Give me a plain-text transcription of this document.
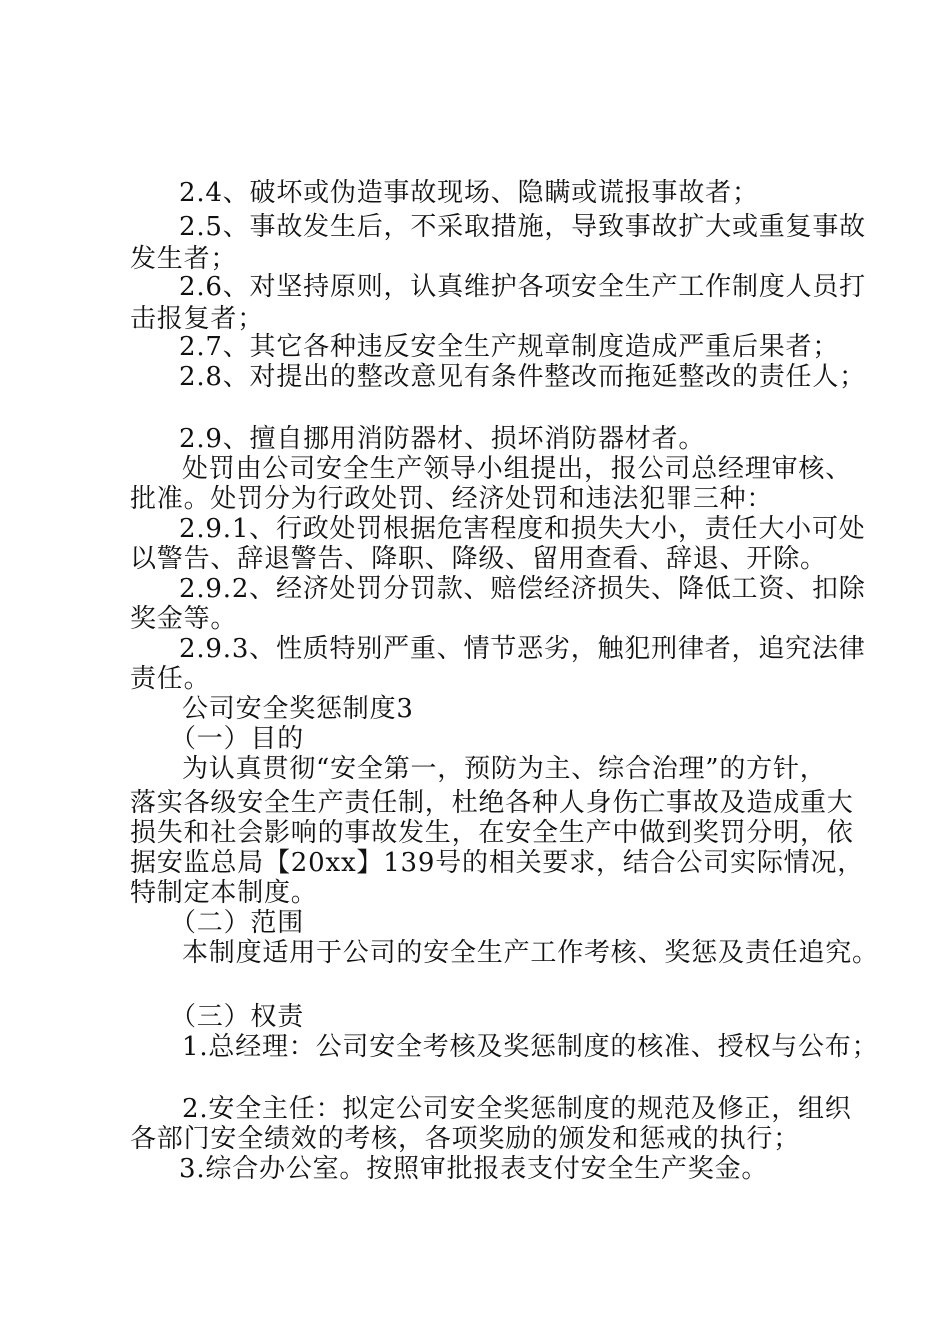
2.4、破坏或伪造事故现场、隐瞒或谎报事故者；
2.5、事故发生后，不采取措施，导致事故扩大或重复事故
发生者；
2.6、对坚持原则，认真维护各项安全生产工作制度人员打
击报复者；
2.7、其它各种违反安全生产规章制度造成严重后果者；
2.8、对提出的整改意见有条件整改而拖延整改的责任人；
2.9、擅自挪用消防器材、损坏消防器材者。
处罚由公司安全生产领导小组提出，报公司总经理审核、
批准。处罚分为行政处罚、经济处罚和违法犯罪三种：
2.9.1、行政处罚根据危害程度和损失大小，责任大小可处
以警告、辞退警告、降职、降级、留用查看、辞退、开除。
2.9.2、经济处罚分罚款、赔偿经济损失、降低工资、扣除
奖金等。
2.9.3、性质特别严重、情节恶劣，触犯刑律者，追究法律
责任。
公司安全奖惩制度3
（一）目的
为认真贯彻“安全第一，预防为主、综合治理”的方针，
落实各级安全生产责任制，杜绝各种人身伤亡事故及造成重大
损失和社会影响的事故发生，在安全生产中做到奖罚分明，依
据安监总局【20xx】139号的相关要求，结合公司实际情况，
特制定本制度。
（二）范围
本制度适用于公司的安全生产工作考核、奖惩及责任追究。
（三）权责
1.总经理：公司安全考核及奖惩制度的核准、授权与公布；
2.安全主任：拟定公司安全奖惩制度的规范及修正，组织
各部门安全绩效的考核，各项奖励的颁发和惩戒的执行；
3.综合办公室。按照审批报表支付安全生产奖金。
